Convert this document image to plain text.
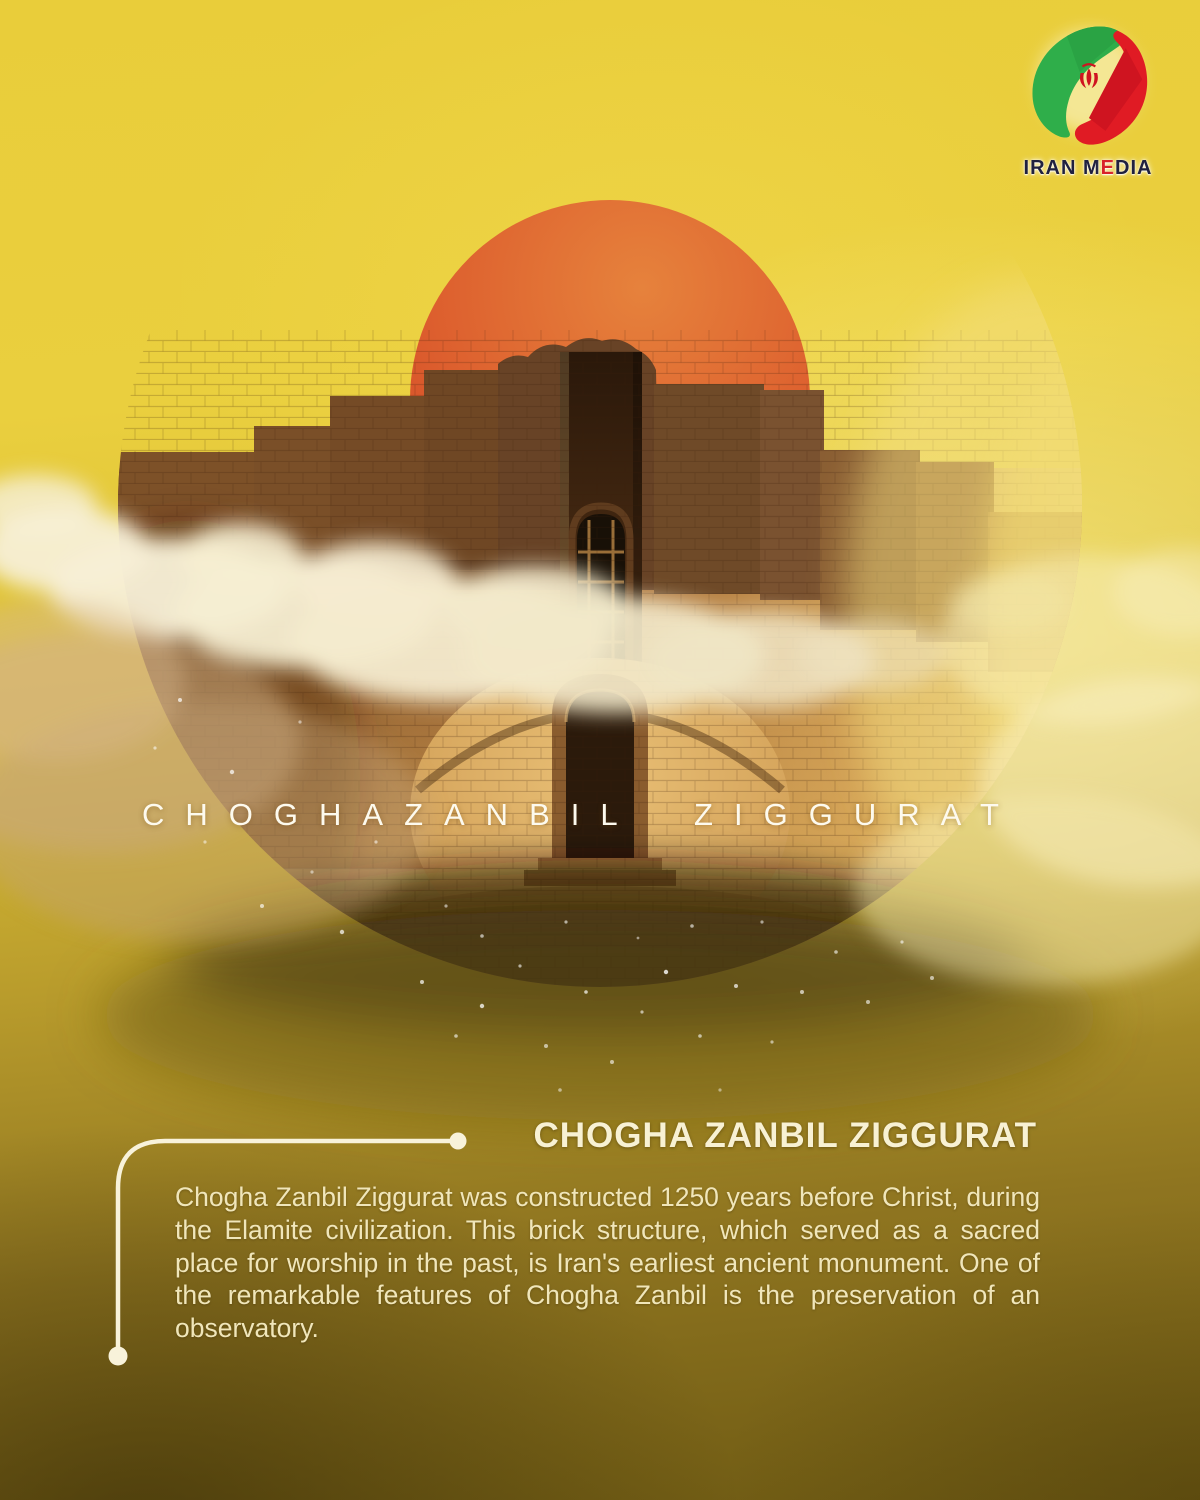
CHOGHAZANBIL ZIGGURAT
IRAN MEDIA
CHOGHA ZANBIL ZIGGURAT
Chogha Zanbil Ziggurat was constructed 1250 years before Christ, during the Elamite civilization. This brick structure, which served as a sacred place for worship in the past, is Iran's earliest ancient monument. One of the remarkable features of Chogha Zanbil is the preservation of an observatory.
